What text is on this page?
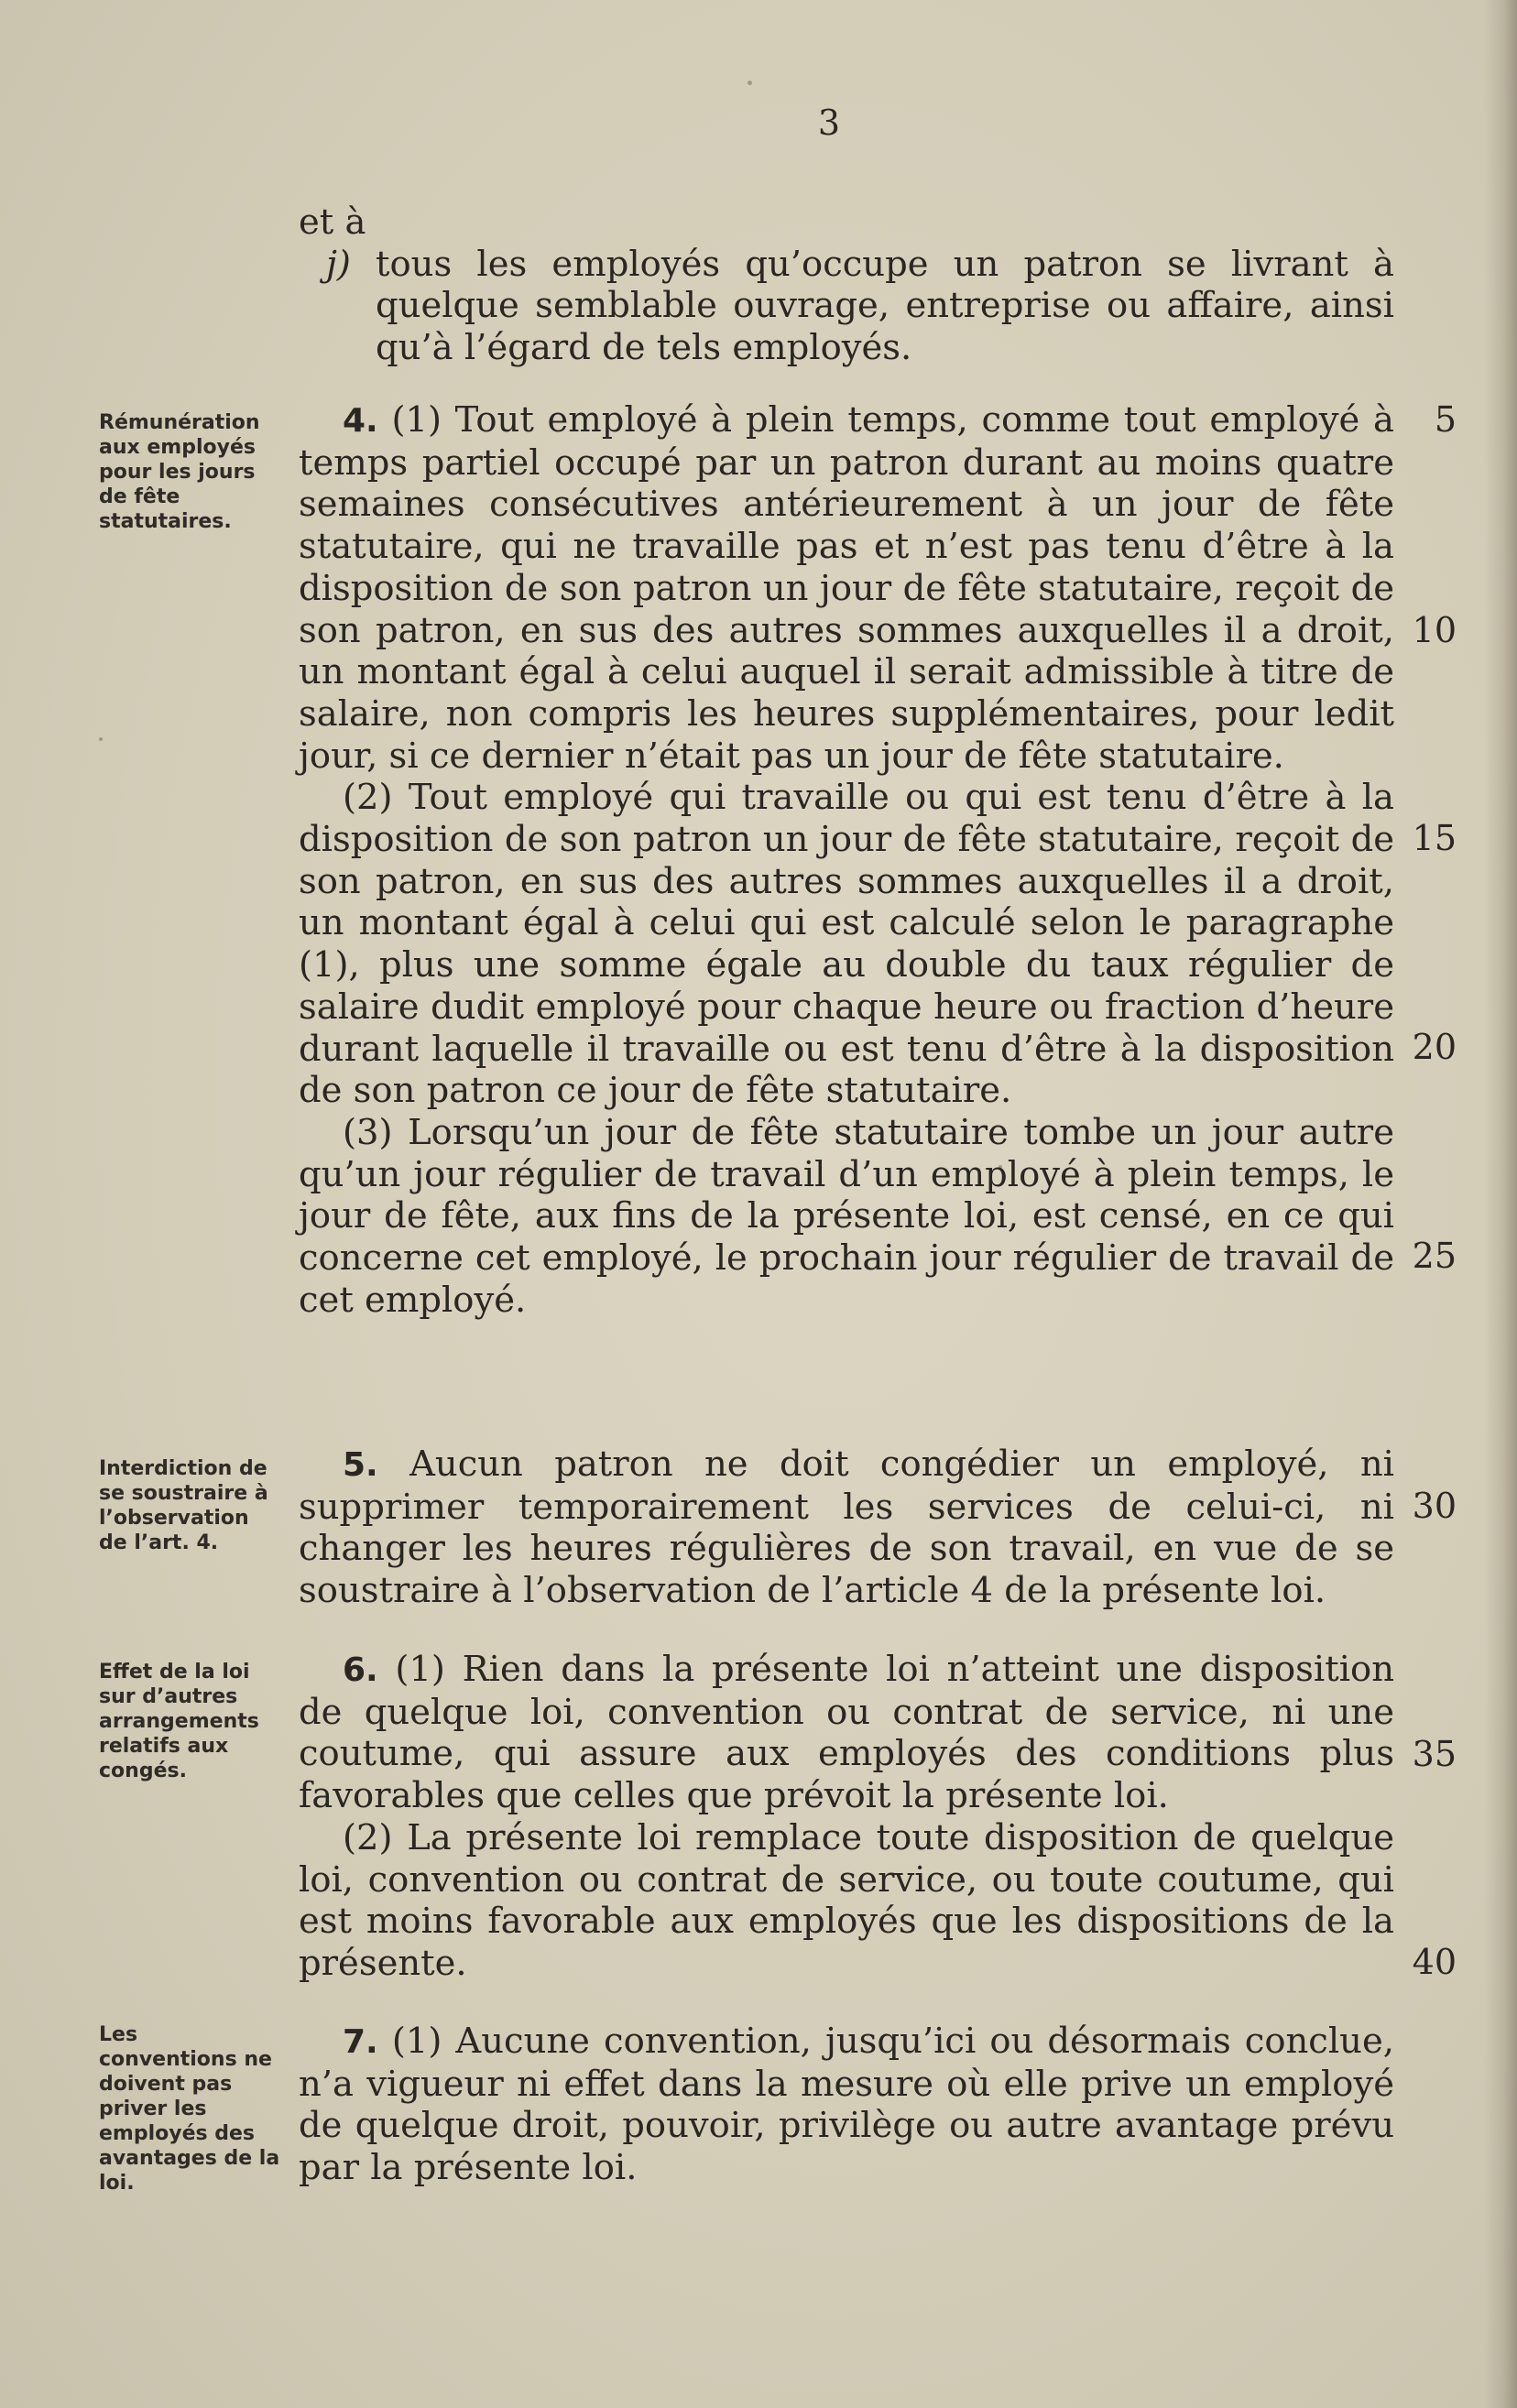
3

et à

j) tous les employés qu’occupe un patron se livrant à quelque semblable ouvrage, entreprise ou affaire, ainsi qu’à l’égard de tels employés.
Rémunération aux employés pour les jours de fête statutaires.

4. (1) Tout employé à plein temps, comme tout employé à temps partiel occupé par un patron durant au moins quatre semaines consécutives antérieurement à un jour de fête statutaire, qui ne travaille pas et n’est pas tenu d’être à la disposition de son patron un jour de fête statutaire, reçoit de son patron, en sus des autres sommes auxquelles il a droit, un montant égal à celui auquel il serait admissible à titre de salaire, non compris les heures supplémentaires, pour ledit jour, si ce dernier n’était pas un jour de fête statutaire.

(2) Tout employé qui travaille ou qui est tenu d’être à la disposition de son patron un jour de fête statutaire, reçoit de son patron, en sus des autres sommes auxquelles il a droit, un montant égal à celui qui est calculé selon le paragraphe (1), plus une somme égale au double du taux régulier de salaire dudit employé pour chaque heure ou fraction d’heure durant laquelle il travaille ou est tenu d’être à la disposition de son patron ce jour de fête statutaire.

(3) Lorsqu’un jour de fête statutaire tombe un jour autre qu’un jour régulier de travail d’un employé à plein temps, le jour de fête, aux fins de la présente loi, est censé, en ce qui concerne cet employé, le prochain jour régulier de travail de cet employé.

Interdiction de se soustraire à l’observation de l’art. 4.

5. Aucun patron ne doit congédier un employé, ni supprimer temporairement les services de celui-ci, ni changer les heures régulières de son travail, en vue de se soustraire à l’observation de l’article 4 de la présente loi.

Effet de la loi sur d’autres arrangements relatifs aux congés.

6. (1) Rien dans la présente loi n’atteint une disposition de quelque loi, convention ou contrat de service, ni une coutume, qui assure aux employés des conditions plus favorables que celles que prévoit la présente loi.

(2) La présente loi remplace toute disposition de quelque loi, convention ou contrat de service, ou toute coutume, qui est moins favorable aux employés que les dispositions de la présente.

Les conventions ne doivent pas priver les employés des avantages de la loi.

7. (1) Aucune convention, jusqu’ici ou désormais conclue, n’a vigueur ni effet dans la mesure où elle prive un employé de quelque droit, pouvoir, privilège ou autre avantage prévu par la présente loi.

5
10
15
20
25
30
35
40
